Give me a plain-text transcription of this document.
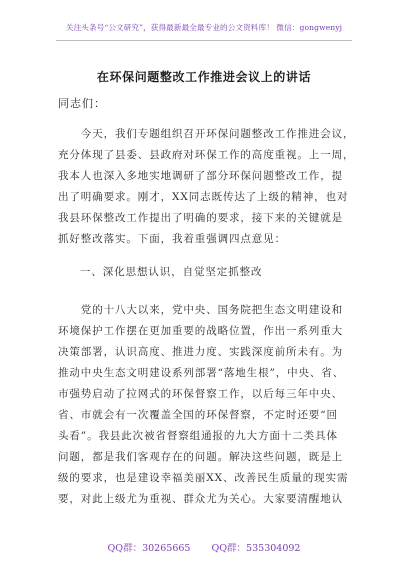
关注头条号“公文研究”，获得最新最全最专业的公文资料库！ 微信：gongwenyj
在环保问题整改工作推进会议上的讲话
同志们：
　　今天，我们专题组织召开环保问题整改工作推进会议，
充分体现了县委、县政府对环保工作的高度重视。上一周，
我本人也深入多地实地调研了部分环保问题整改工作，提
出了明确要求。刚才，XX同志既传达了上级的精神，也对
我县环保整改工作提出了明确的要求，接下来的关键就是
抓好整改落实。下面，我着重强调四点意见：
一、深化思想认识，自觉坚定抓整改
　　党的十八大以来，党中央、国务院把生态文明建设和
环境保护工作摆在更加重要的战略位置，作出一系列重大
决策部署，认识高度、推进力度、实践深度前所未有。为
推动中央生态文明建设系列部署“落地生根”，中央、省、
市强势启动了拉网式的环保督察工作，以后每三年中央、
省、市就会有一次覆盖全国的环保督察，不定时还要“回
头看”。我县此次被省督察组通报的九大方面十二类具体
问题，都是我们客观存在的问题。解决这些问题，既是上
级的要求，也是建设幸福美丽XX、改善民生质量的现实需
要，对此上级尤为重视、群众尤为关心。大家要清醒地认
QQ群：30265665 QQ群：535304092
